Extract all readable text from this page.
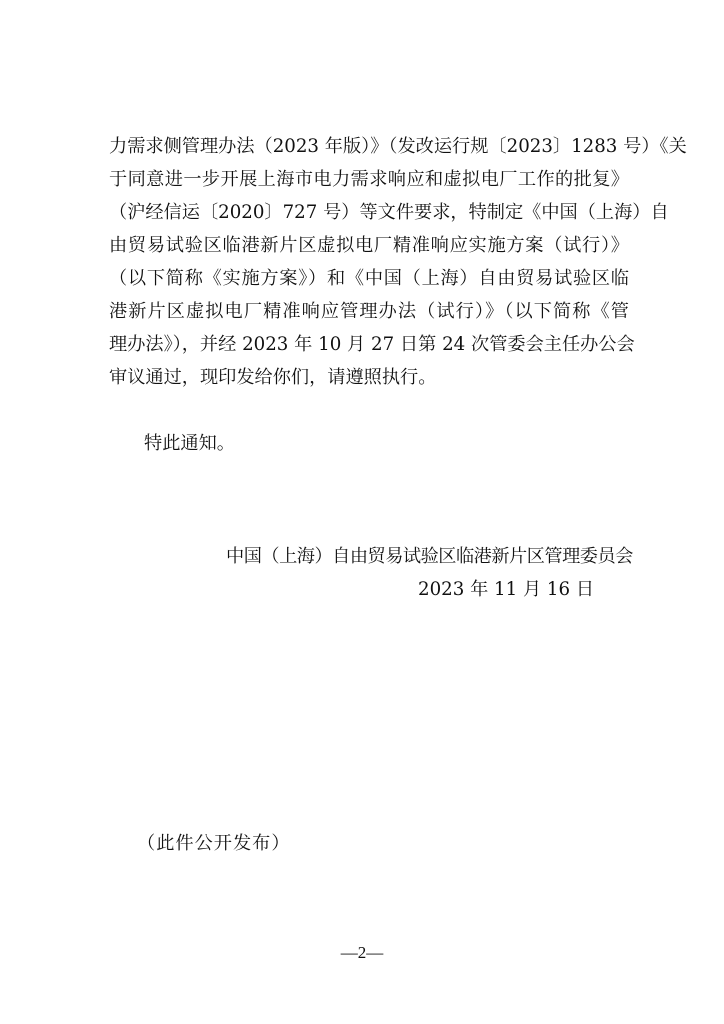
力需求侧管理办法（2023 年版）》（发改运行规〔2023〕1283 号）《关
于同意进一步开展上海市电力需求响应和虚拟电厂工作的批复》
（沪经信运〔2020〕727 号）等文件要求，特制定《中国（上海）自
由贸易试验区临港新片区虚拟电厂精准响应实施方案（试行）》
（以下简称《实施方案》）和《中国（上海）自由贸易试验区临
港新片区虚拟电厂精准响应管理办法（试行）》（以下简称《管
理办法》），并经 2023 年 10 月 27 日第 24 次管委会主任办公会
审议通过，现印发给你们，请遵照执行。
特此通知。
中国（上海）自由贸易试验区临港新片区管理委员会
2023 年 11 月 16 日
（此件公开发布）
—2—
